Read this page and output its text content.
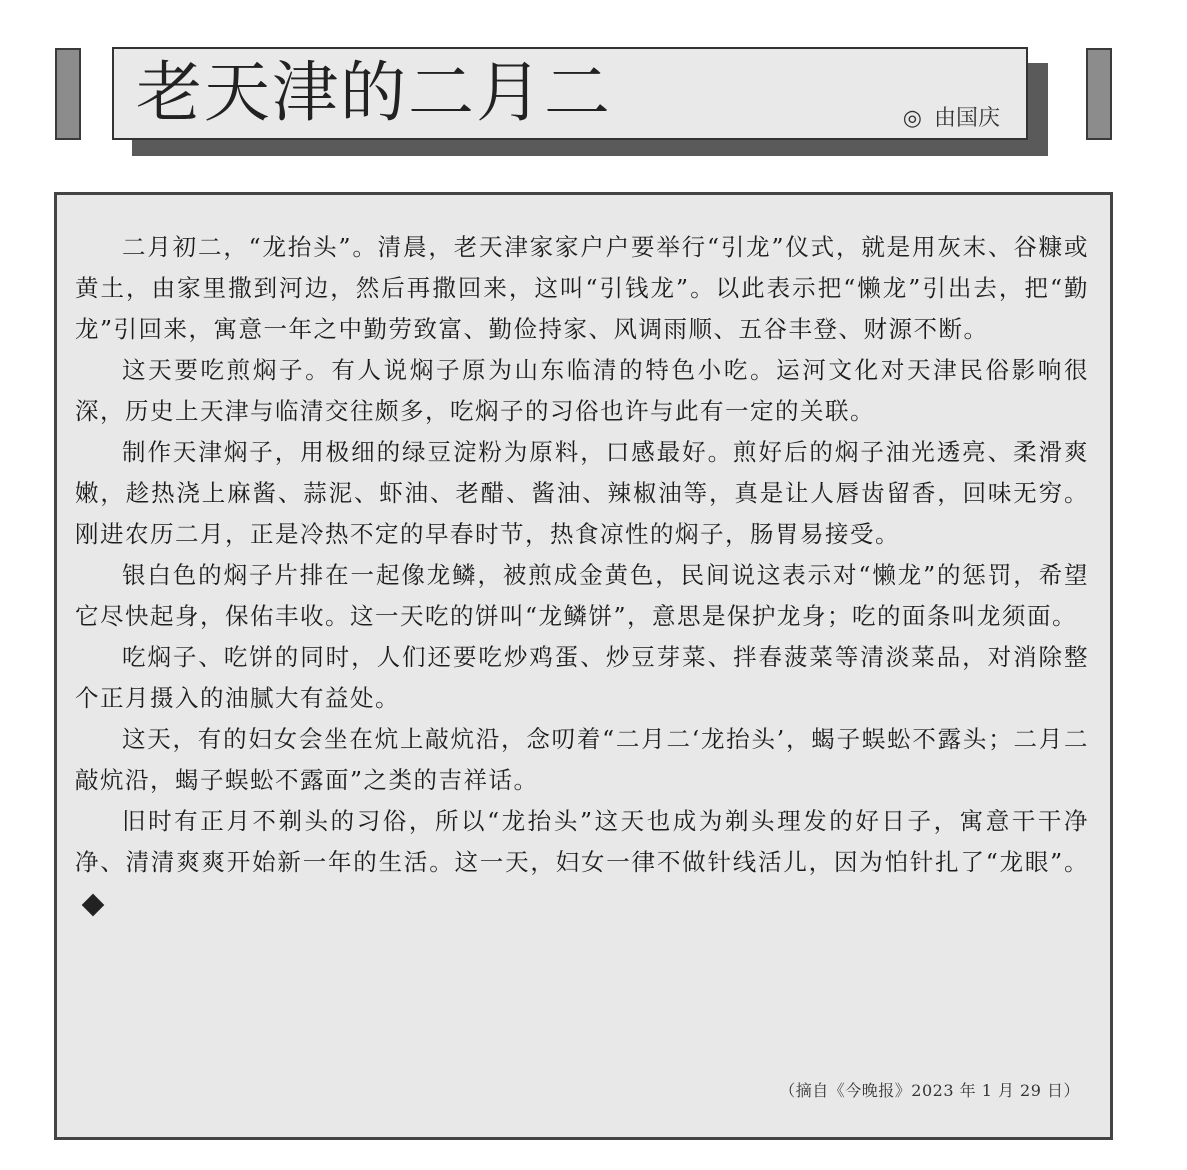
老天津的二月二	◎ 由国庆

二月初二，“龙抬头”。清晨，老天津家家户户要举行“引龙”仪式，就是用灰末、谷糠或黄土，由家里撒到河边，然后再撒回来，这叫“引钱龙”。以此表示把“懒龙”引出去，把“勤龙”引回来，寓意一年之中勤劳致富、勤俭持家、风调雨顺、五谷丰登、财源不断。

这天要吃煎焖子。有人说焖子原为山东临清的特色小吃。运河文化对天津民俗影响很深，历史上天津与临清交往颇多，吃焖子的习俗也许与此有一定的关联。

制作天津焖子，用极细的绿豆淀粉为原料，口感最好。煎好后的焖子油光透亮、柔滑爽嫩，趁热浇上麻酱、蒜泥、虾油、老醋、酱油、辣椒油等，真是让人唇齿留香，回味无穷。刚进农历二月，正是冷热不定的早春时节，热食凉性的焖子，肠胃易接受。

银白色的焖子片排在一起像龙鳞，被煎成金黄色，民间说这表示对“懒龙”的惩罚，希望它尽快起身，保佑丰收。这一天吃的饼叫“龙鳞饼”，意思是保护龙身；吃的面条叫龙须面。

吃焖子、吃饼的同时，人们还要吃炒鸡蛋、炒豆芽菜、拌春菠菜等清淡菜品，对消除整个正月摄入的油腻大有益处。

这天，有的妇女会坐在炕上敲炕沿，念叨着“二月二‘龙抬头’，蝎子蜈蚣不露头；二月二敲炕沿，蝎子蜈蚣不露面”之类的吉祥话。

旧时有正月不剃头的习俗，所以“龙抬头”这天也成为剃头理发的好日子，寓意干干净净、清清爽爽开始新一年的生活。这一天，妇女一律不做针线活儿，因为怕针扎了“龙眼”。

（摘自《今晚报》2023 年 1 月 29 日）
